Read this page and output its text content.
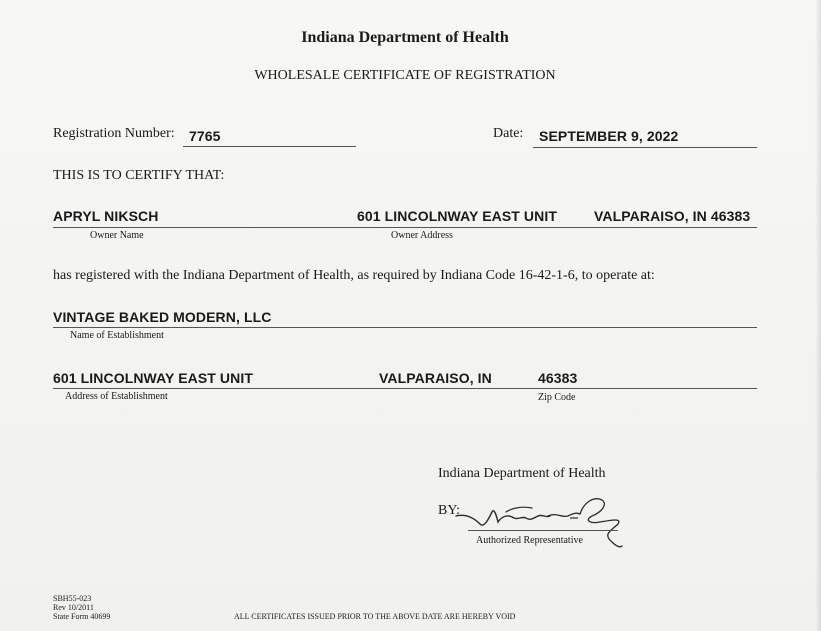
Indiana Department of Health
WHOLESALE CERTIFICATE OF REGISTRATION
Registration Number: 7765	Date: SEPTEMBER 9, 2022
THIS IS TO CERTIFY THAT:
APRYL NIKSCH	601 LINCOLNWAY EAST UNIT	VALPARAISO, IN 46383
Owner Name	Owner Address
has registered with the Indiana Department of Health, as required by Indiana Code 16-42-1-6, to operate at:
VINTAGE BAKED MODERN, LLC
Name of Establishment
601 LINCOLNWAY EAST UNIT	VALPARAISO, IN	46383
Address of Establishment	Zip Code
Indiana Department of Health
BY:
Authorized Representative
SBH55-023
Rev 10/2011
State Form 40699	ALL CERTIFICATES ISSUED PRIOR TO THE ABOVE DATE ARE HEREBY VOID
